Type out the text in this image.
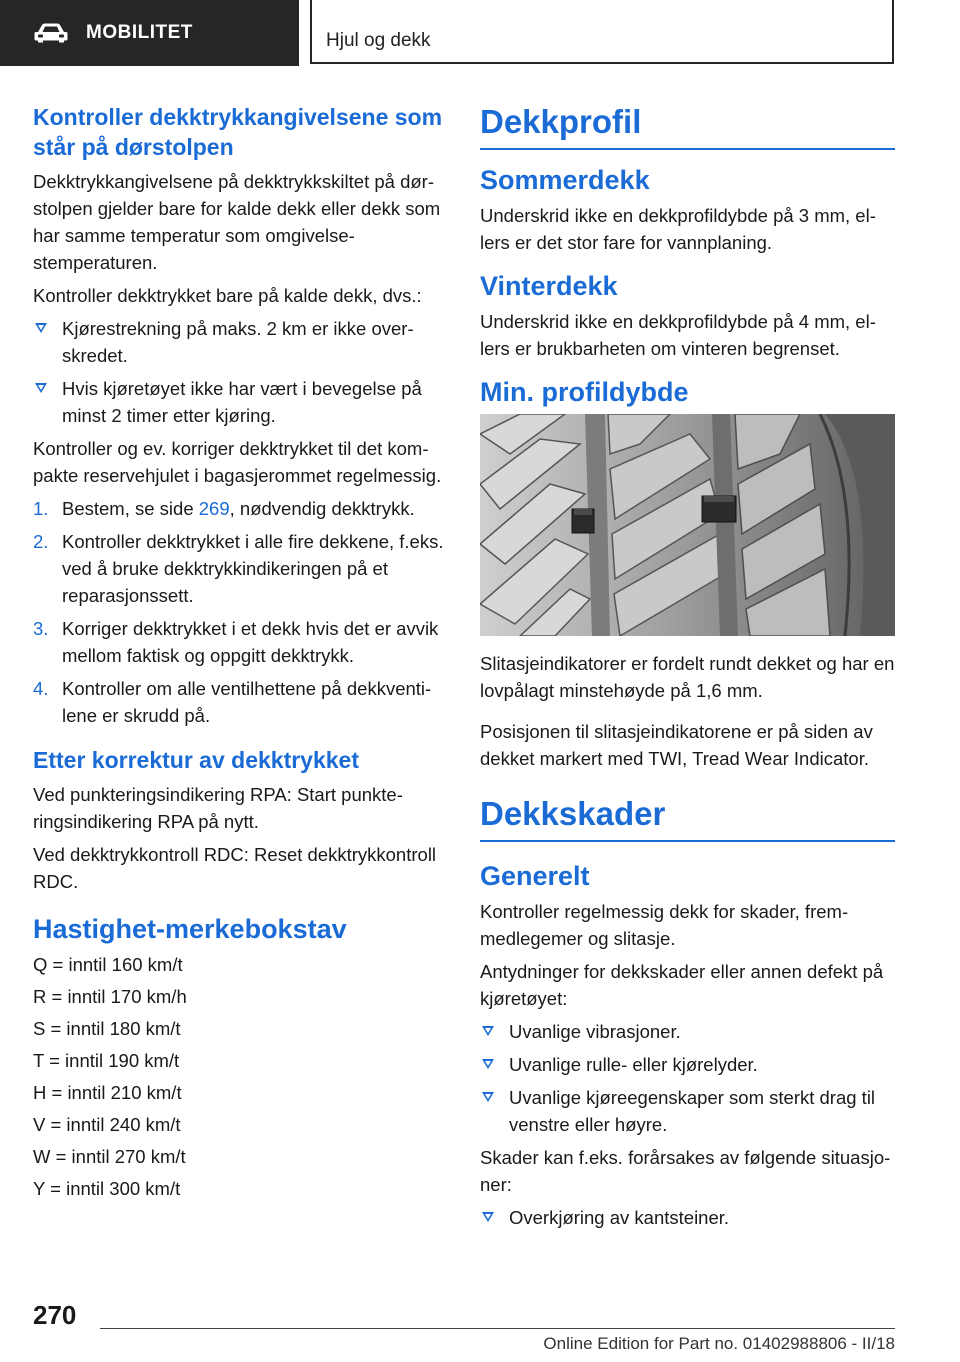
MOBILITET	Hjul og dekk
Kontroller dekktrykkangivelsene som står på dørstolpen
Dekktrykkangivelsene på dekktrykkskiltet på dørstolpen gjelder bare for kalde dekk eller dekk som har samme temperatur som omgivelsestemperaturen.
Kontroller dekktrykket bare på kalde dekk, dvs.:
Kjørestrekning på maks. 2 km er ikke overskredet.
Hvis kjøretøyet ikke har vært i bevegelse på minst 2 timer etter kjøring.
Kontroller og ev. korriger dekktrykket til det kompakte reservehjulet i bagasjerommet regelmessig.
1. Bestem, se side 269, nødvendig dekktrykk.
2. Kontroller dekktrykket i alle fire dekkene, f.eks. ved å bruke dekktrykkindikeringen på et reparasjonssett.
3. Korriger dekktrykket i et dekk hvis det er avvik mellom faktisk og oppgitt dekktrykk.
4. Kontroller om alle ventilhettene på dekkventilene er skrudd på.
Etter korrektur av dekktrykket
Ved punkteringsindikering RPA: Start punkteringsindikering RPA på nytt.
Ved dekktrykkontroll RDC: Reset dekktrykkontroll RDC.
Hastighet-merkebokstav
Q = inntil 160 km/t
R = inntil 170 km/h
S = inntil 180 km/t
T = inntil 190 km/t
H = inntil 210 km/t
V = inntil 240 km/t
W = inntil 270 km/t
Y = inntil 300 km/t
Dekkprofil
Sommerdekk
Underskrid ikke en dekkprofildybde på 3 mm, ellers er det stor fare for vannplaning.
Vinterdekk
Underskrid ikke en dekkprofildybde på 4 mm, ellers er brukbarheten om vinteren begrenset.
Min. profildybde
Slitasjeindikatorer er fordelt rundt dekket og har en lovpålagt minstehøyde på 1,6 mm.
Posisjonen til slitasjeindikatorene er på siden av dekket markert med TWI, Tread Wear Indicator.
Dekkskader
Generelt
Kontroller regelmessig dekk for skader, fremmedlegemer og slitasje.
Antydninger for dekkskader eller annen defekt på kjøretøyet:
Uvanlige vibrasjoner.
Uvanlige rulle- eller kjørelyder.
Uvanlige kjøreegenskaper som sterkt drag til venstre eller høyre.
Skader kan f.eks. forårsakes av følgende situasjoner:
Overkjøring av kantsteiner.
270
Online Edition for Part no. 01402988806 - II/18
